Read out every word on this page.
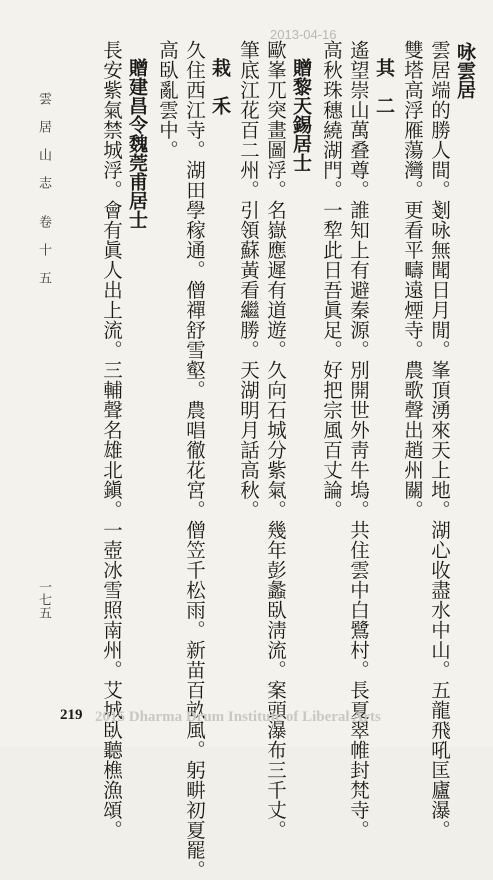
2013-04-16
咏雲居
雲居端的勝人間。剗咏無聞日月閒。峯頂湧來天上地。湖心收盡水中山。五龍飛吼匡廬瀑。
雙塔高浮雁蕩灣。更看平疇遠煙寺。農歌聲出趙州關。
其　二
遙望崇山萬叠尊。誰知上有避秦源。別開世外靑牛塢。共住雲中白鷺村。長夏翠帷封梵寺。
高秋珠穗繞湖門。一犂此日吾眞足。好把宗風百丈論。
贈黎天錫居士
歐峯兀突畫圖浮。名嶽應遲有道遊。久向石城分紫氣。幾年彭蠡臥淸流。案頭瀑布三千丈。
筆底江花百二州。引領蘇黃看繼勝。天湖明月話高秋。
栽　禾
久住西江寺。湖田學稼通。僧禪舒雪壑。農唱徹花宮。僧笠千松雨。新苗百畝風。躬畊初夏罷。
高臥亂雲中。
贈建昌令魏莞甫居士
長安紫氣禁城浮。會有眞人出上流。三輔聲名雄北鎭。一壺冰雪照南州。艾城臥聽樵漁頌。
雲 居 山 志　　卷 十 五
一七五
219 2015 Dharma Drum Institute of Liberal Arts
